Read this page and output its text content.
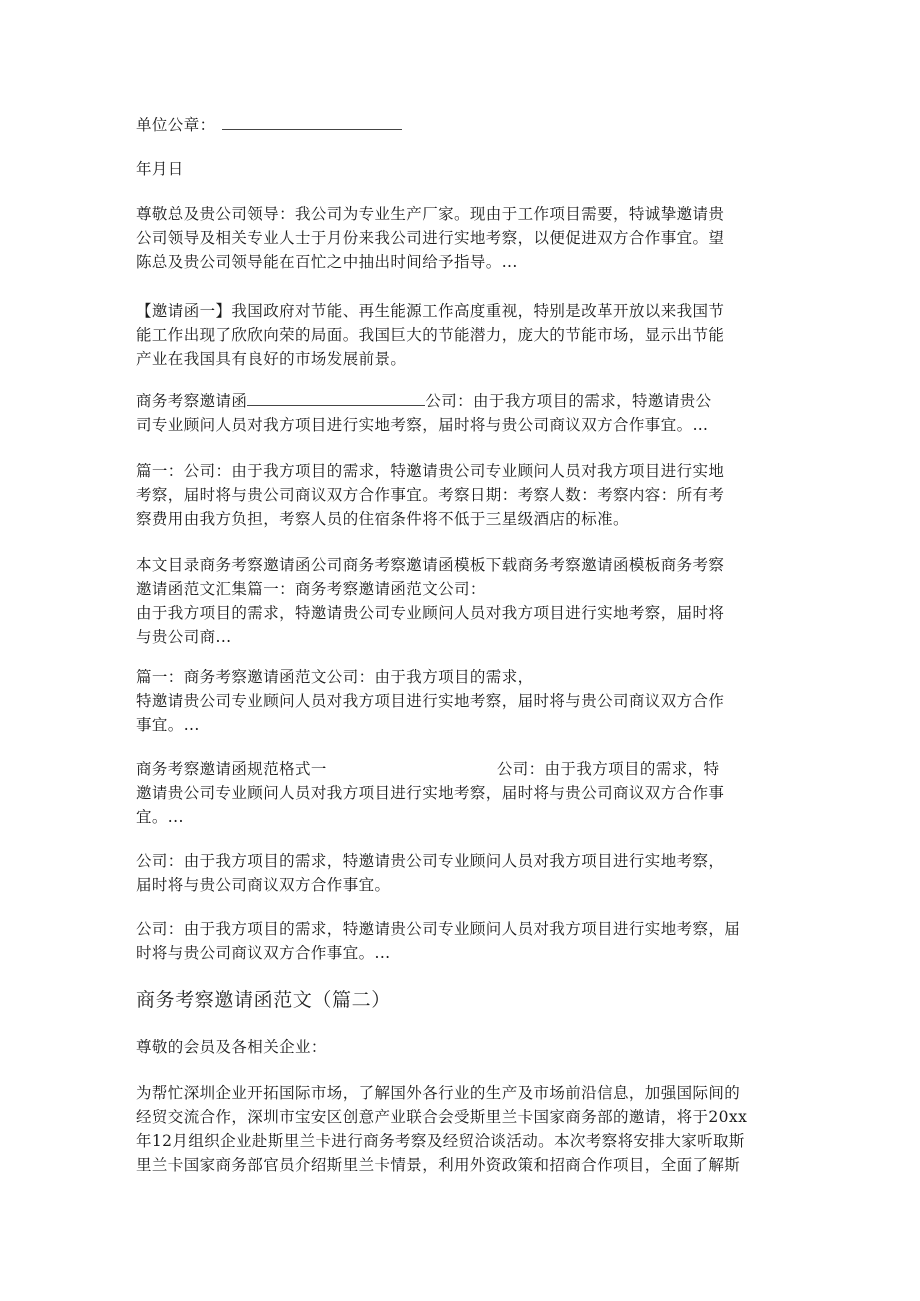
单位公章：
年月日
尊敬总及贵公司领导：我公司为专业生产厂家。现由于工作项目需要，特诚挚邀请贵
公司领导及相关专业人士于月份来我公司进行实地考察，以便促进双方合作事宜。望
陈总及贵公司领导能在百忙之中抽出时间给予指导。...
【邀请函一】我国政府对节能、再生能源工作高度重视，特别是改革开放以来我国节
能工作出现了欣欣向荣的局面。我国巨大的节能潜力，庞大的节能市场，显示出节能
产业在我国具有良好的市场发展前景。
商务考察邀请函	公司：由于我方项目的需求，特邀请贵公
司专业顾问人员对我方项目进行实地考察，届时将与贵公司商议双方合作事宜。…
篇一：公司：由于我方项目的需求，特邀请贵公司专业顾问人员对我方项目进行实地
考察，届时将与贵公司商议双方合作事宜。考察日期：考察人数：考察内容：所有考
察费用由我方负担，考察人员的住宿条件将不低于三星级酒店的标准。
本文目录商务考察邀请函公司商务考察邀请函模板下载商务考察邀请函模板商务考察
邀请函范文汇集篇一：商务考察邀请函范文公司：
由于我方项目的需求，特邀请贵公司专业顾问人员对我方项目进行实地考察，届时将
与贵公司商...
篇一：商务考察邀请函范文公司：由于我方项目的需求，
特邀请贵公司专业顾问人员对我方项目进行实地考察，届时将与贵公司商议双方合作
事宜。...
商务考察邀请函规范格式一	公司：由于我方项目的需求，特
邀请贵公司专业顾问人员对我方项目进行实地考察，届时将与贵公司商议双方合作事
宜。...
公司：由于我方项目的需求，特邀请贵公司专业顾问人员对我方项目进行实地考察，
届时将与贵公司商议双方合作事宜。
公司：由于我方项目的需求，特邀请贵公司专业顾问人员对我方项目进行实地考察，届
时将与贵公司商议双方合作事宜。...
商务考察邀请函范文（篇二）
尊敬的会员及各相关企业：
为帮忙深圳企业开拓国际市场，了解国外各行业的生产及市场前沿信息，加强国际间的
经贸交流合作，深圳市宝安区创意产业联合会受斯里兰卡国家商务部的邀请，将于20xx
年12月组织企业赴斯里兰卡进行商务考察及经贸洽谈活动。本次考察将安排大家听取斯
里兰卡国家商务部官员介绍斯里兰卡情景，利用外资政策和招商合作项目，全面了解斯
